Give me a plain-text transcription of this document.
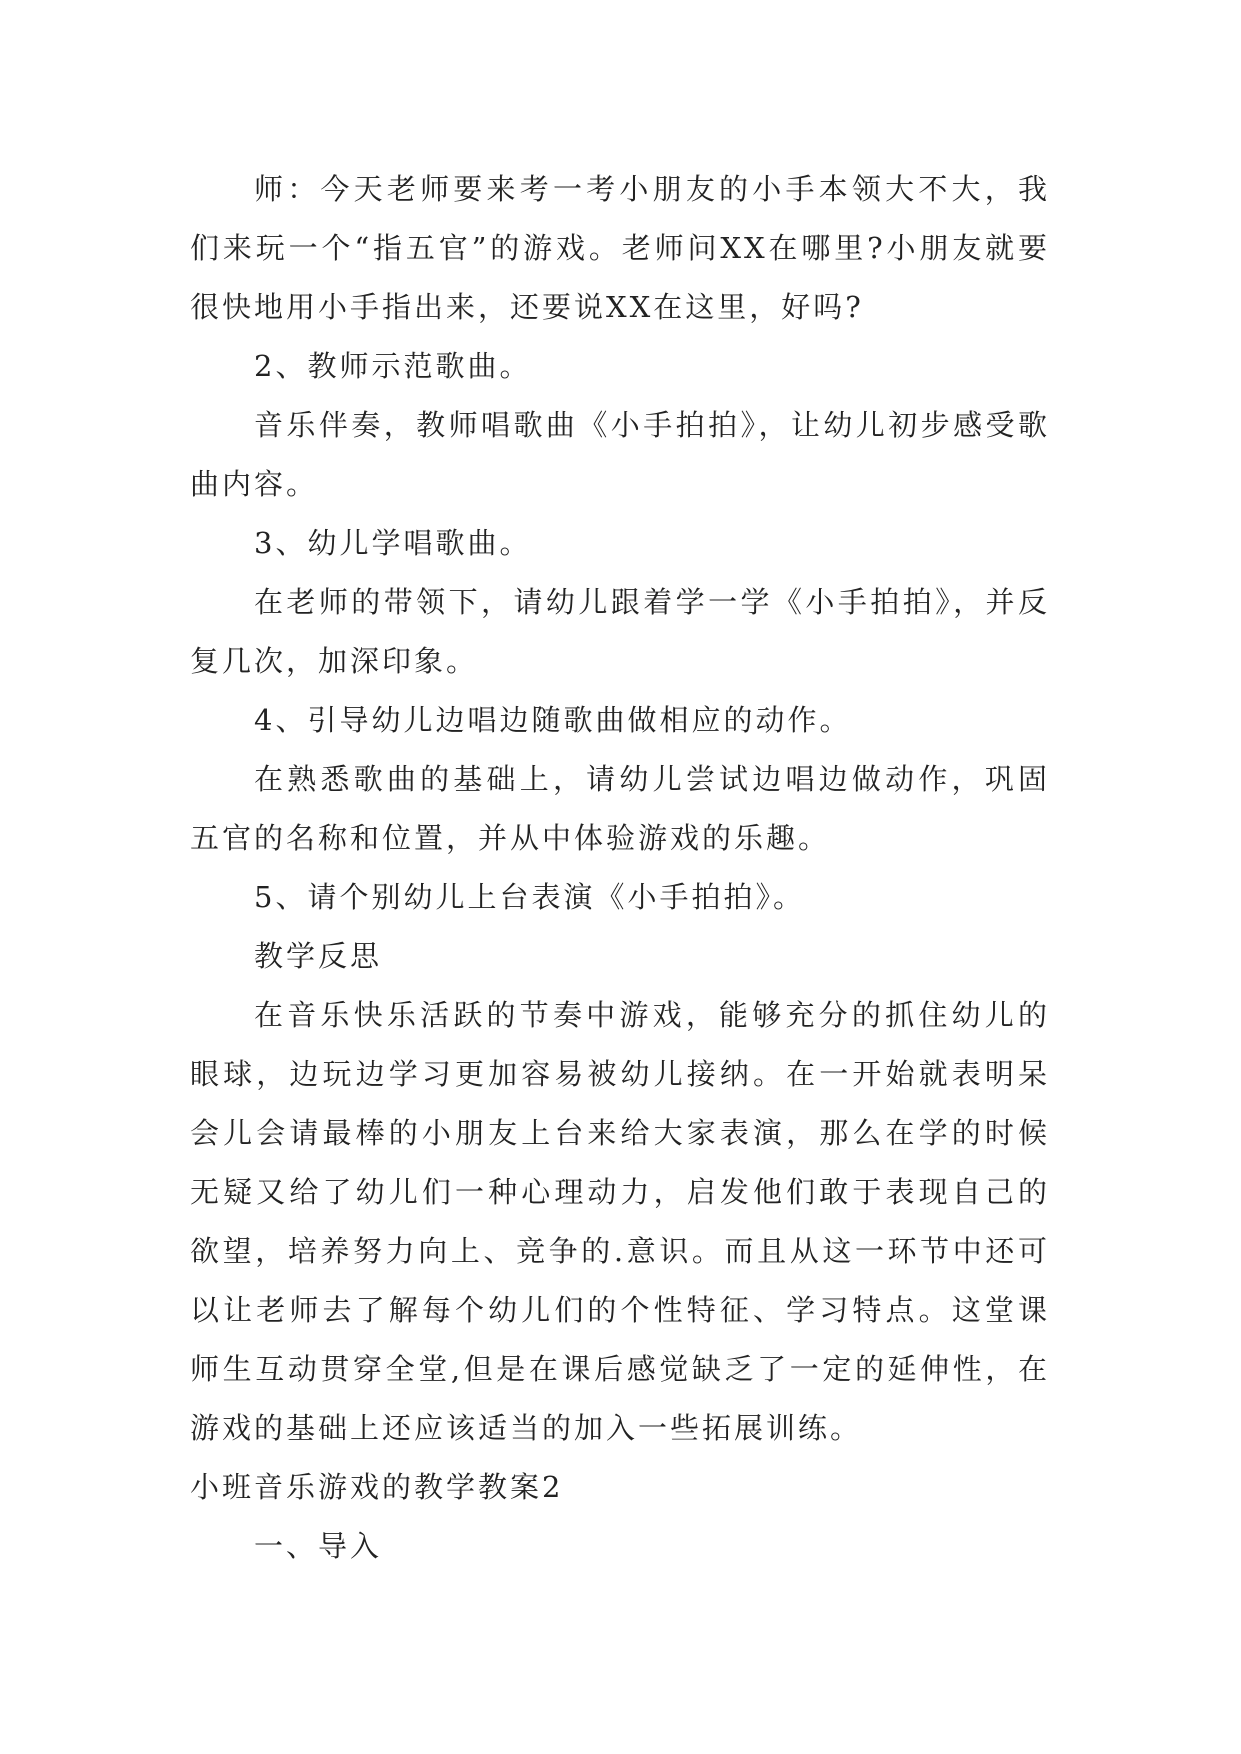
师：今天老师要来考一考小朋友的小手本领大不大，我们来玩一个“指五官”的游戏。老师问XX在哪里?小朋友就要很快地用小手指出来，还要说XX在这里，好吗?

2、教师示范歌曲。

音乐伴奏，教师唱歌曲《小手拍拍》，让幼儿初步感受歌曲内容。

3、幼儿学唱歌曲。

在老师的带领下，请幼儿跟着学一学《小手拍拍》，并反复几次，加深印象。

4、引导幼儿边唱边随歌曲做相应的动作。

在熟悉歌曲的基础上，请幼儿尝试边唱边做动作，巩固五官的名称和位置，并从中体验游戏的乐趣。

5、请个别幼儿上台表演《小手拍拍》。

教学反思

在音乐快乐活跃的节奏中游戏，能够充分的抓住幼儿的眼球，边玩边学习更加容易被幼儿接纳。在一开始就表明呆会儿会请最棒的小朋友上台来给大家表演，那么在学的时候无疑又给了幼儿们一种心理动力，启发他们敢于表现自己的欲望，培养努力向上、竞争的.意识。而且从这一环节中还可以让老师去了解每个幼儿们的个性特征、学习特点。这堂课师生互动贯穿全堂,但是在课后感觉缺乏了一定的延伸性，在游戏的基础上还应该适当的加入一些拓展训练。

小班音乐游戏的教学教案2

一、导入
